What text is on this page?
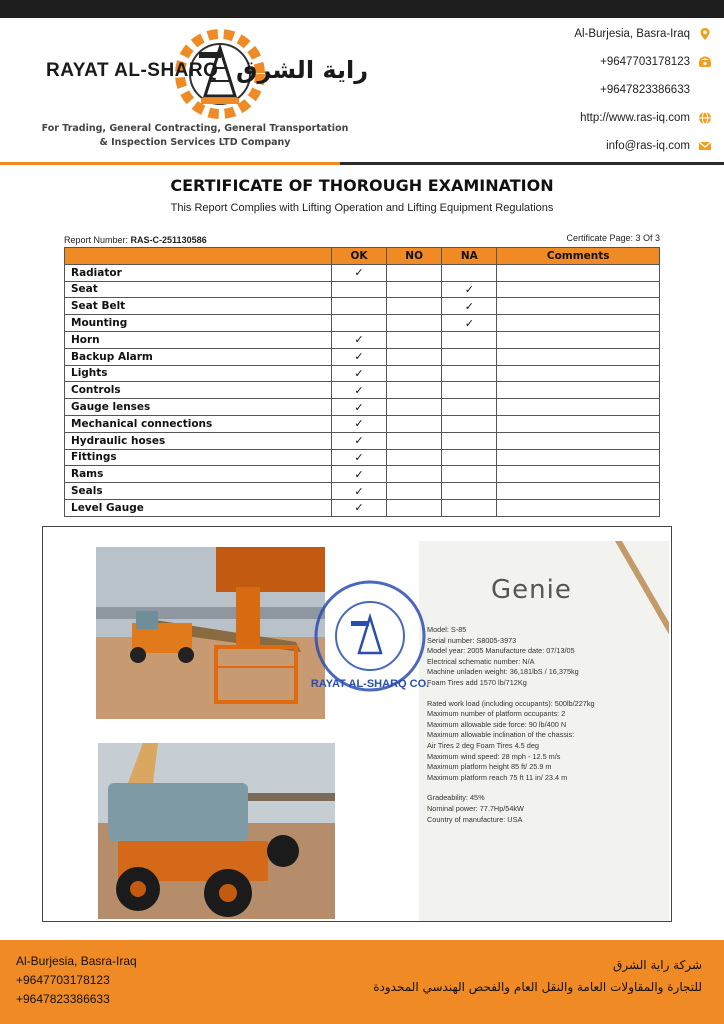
RAYAT AL-SHARQ راية الشرق
For Trading, General Contracting, General Transportation
& Inspection Services LTD Company
Al-Burjesia, Basra-Iraq
+9647703178123
+9647823386633
http://www.ras-iq.com
info@ras-iq.com
CERTIFICATE OF THOROUGH EXAMINATION
This Report Complies with Lifting Operation and Lifting Equipment Regulations
Report Number: RAS-C-251130586	Certificate Page: 3 Of 3
	OK	NO	NA	Comments
Radiator	✓			
Seat			✓	
Seat Belt			✓	
Mounting			✓	
Horn	✓			
Backup Alarm	✓			
Lights	✓			
Controls	✓			
Gauge lenses	✓			
Mechanical connections	✓			
Hydraulic hoses	✓			
Fittings	✓			
Rams	✓			
Seals	✓			
Level Gauge	✓			
Genie
Model: S-85
Serial number: S8005-3973
Model year: 2005 Manufacture date: 07/13/05
Electrical schematic number: N/A
Machine unladen weight: 36,181lbS / 16,375kg
Foam Tires add 1570 lb/712Kg
Rated work load (including occupants): 500lb/227kg
Maximum number of platform occupants: 2
Maximum allowable side force: 90 lb/400 N
Maximum allowable inclination of the chassis:
Air Tires 2 deg Foam Tires 4.5 deg
Maximum wind speed: 28 mph - 12.5 m/s
Maximum platform height 85 ft/ 25.9 m
Maximum platform reach 75 ft 11 in/ 23.4 m
Gradeability: 45%
Nominal power: 77.7Hp/54kW
Country of manufacture: USA
RAYAT AL-SHARQ CO.
Al-Burjesia, Basra-Iraq
+9647703178123
+9647823386633
شركة راية الشرق
للتجارة والمقاولات العامة والنقل العام والفحص الهندسي المحدودة
